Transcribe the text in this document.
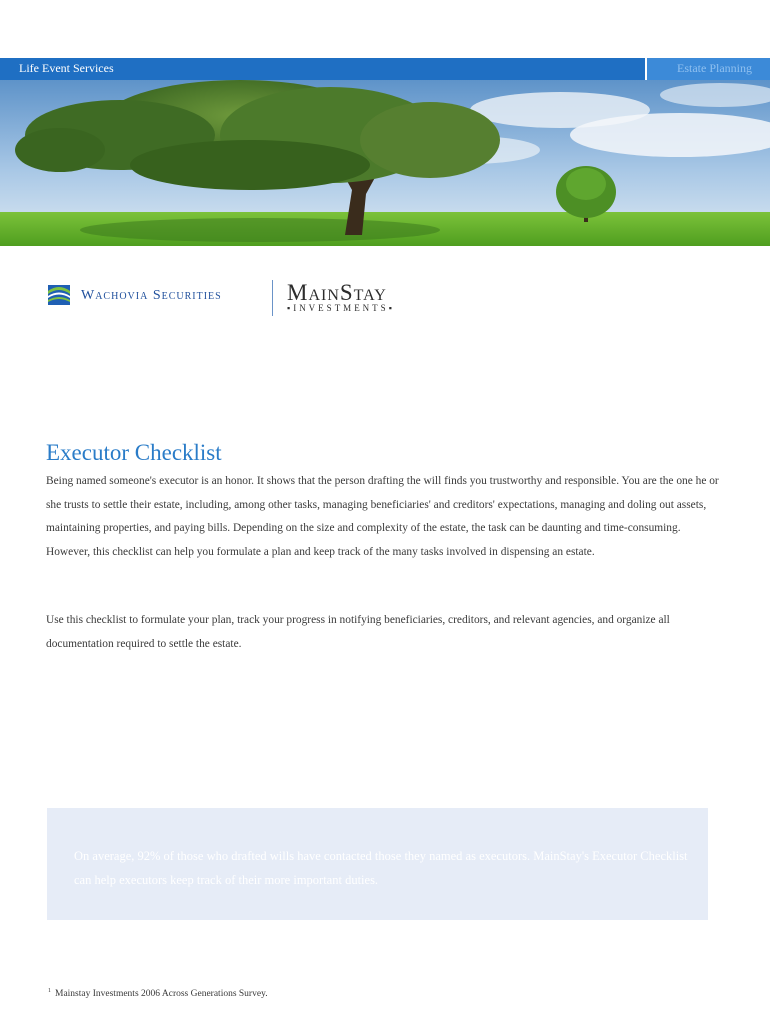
Life Event Services	Estate Planning
Wachovia Securities	MainStay
▪INVESTMENTS▪
Executor Checklist
Being named someone's executor is an honor. It shows that the person drafting the will finds you trustworthy and responsible. You are the one he or she trusts to settle their estate, including, among other tasks, managing beneficiaries' and creditors' expectations, managing and doling out assets, maintaining properties, and paying bills. Depending on the size and complexity of the estate, the task can be daunting and time-consuming. However, this checklist can help you formulate a plan and keep track of the many tasks involved in dispensing an estate.
Use this checklist to formulate your plan, track your progress in notifying beneficiaries, creditors, and relevant agencies, and organize all documentation required to settle the estate.
On average, 92% of those who drafted wills have contacted those they named as executors. MainStay's Executor Checklist can help executors keep track of their more important duties.
$^1$ Mainstay Investments 2006 Across Generations Survey.
